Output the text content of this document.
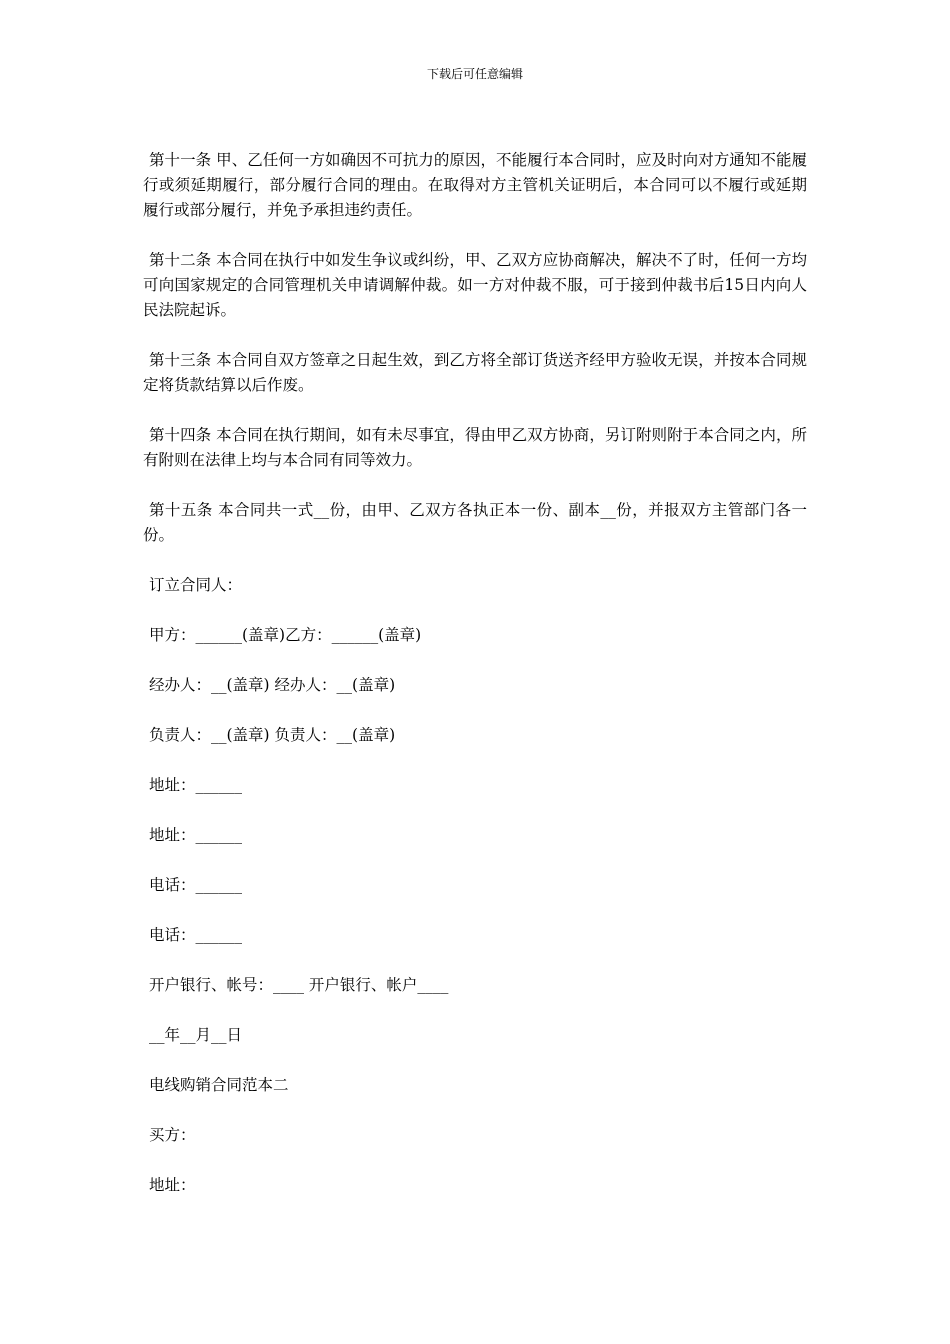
下载后可任意编辑

第十一条 甲、乙任何一方如确因不可抗力的原因，不能履行本合同时，应及时向对方通知不能履行或须延期履行，部分履行合同的理由。在取得对方主管机关证明后，本合同可以不履行或延期履行或部分履行，并免予承担违约责任。

第十二条 本合同在执行中如发生争议或纠纷，甲、乙双方应协商解决，解决不了时，任何一方均可向国家规定的合同管理机关申请调解仲裁。如一方对仲裁不服，可于接到仲裁书后15日内向人民法院起诉。

第十三条 本合同自双方签章之日起生效，到乙方将全部订货送齐经甲方验收无误，并按本合同规定将货款结算以后作废。

第十四条 本合同在执行期间，如有未尽事宜，得由甲乙双方协商，另订附则附于本合同之内，所有附则在法律上均与本合同有同等效力。

第十五条 本合同共一式__份，由甲、乙双方各执正本一份、副本__份，并报双方主管部门各一份。

订立合同人：

甲方：______(盖章)乙方：______(盖章)

经办人：__(盖章) 经办人：__(盖章)

负责人：__(盖章) 负责人：__(盖章)

地址：______

地址：______

电话：______

电话：______

开户银行、帐号：____ 开户银行、帐户____

__年__月__日

电线购销合同范本二

买方：

地址：
